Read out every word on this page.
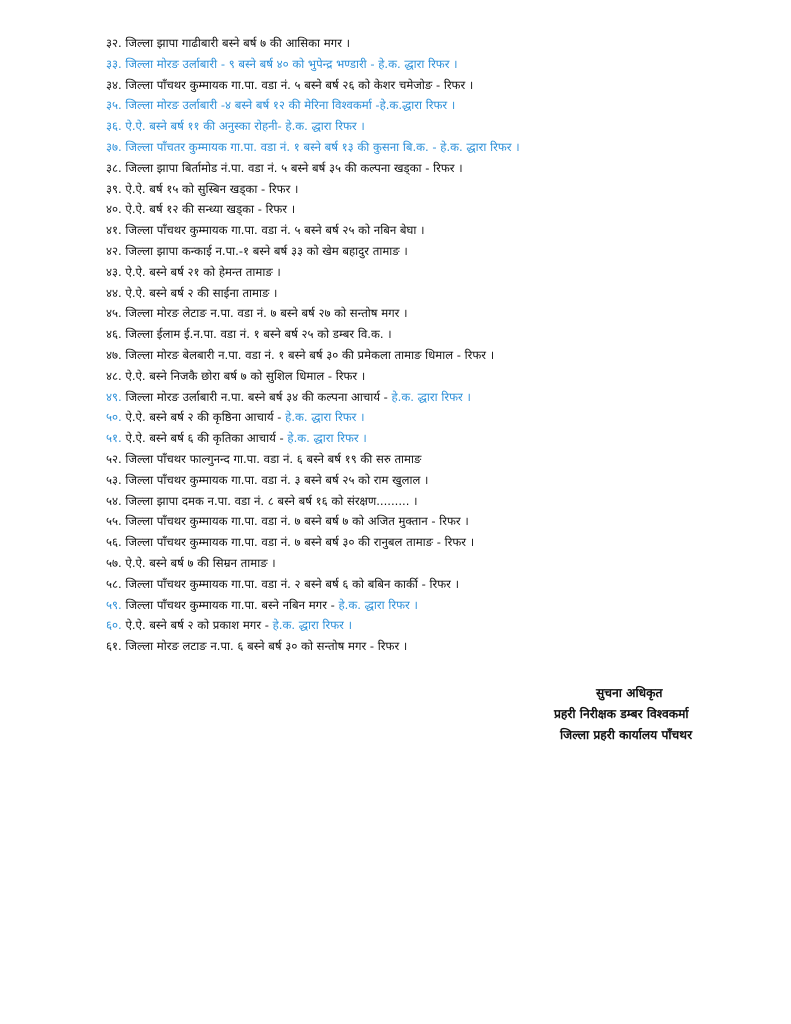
३२. जिल्ला झापा गाढीबारी बस्ने बर्ष ७ की आसिका मगर ।
३३. जिल्ला मोरङ उर्लाबारी - ९ बस्ने बर्ष ४० को भुपेन्द्र भण्डारी - हे.क. द्धारा रिफर ।
३४. जिल्ला पाँचथर कुम्मायक गा.पा. वडा नं. ५ बस्ने बर्ष २६ को केशर चमेजोङ - रिफर ।
३५. जिल्ला मोरङ उर्लाबारी -४ बस्ने बर्ष १२ की मेरिना विश्वकर्मा -हे.क.द्धारा रिफर ।
३६. ऐ.ऐ. बस्ने बर्ष ११ की अनुस्का रोहनी- हे.क. द्धारा रिफर ।
३७. जिल्ला पाँचतर कुम्मायक गा.पा. वडा नं. १ बस्ने बर्ष १३ की कुसना बि.क. - हे.क. द्धारा रिफर ।
३८. जिल्ला झापा बिर्तामोड नं.पा. वडा नं. ५ बस्ने बर्ष ३५ की कल्पना खड्का - रिफर ।
३९. ऐ.ऐ. बर्ष १५ को सुस्बिन खड्का - रिफर ।
४०. ऐ.ऐ. बर्ष १२ की सन्ध्या खड्का - रिफर ।
४१. जिल्ला पाँचथर कुम्मायक गा.पा. वडा नं. ५ बस्ने बर्ष २५ को नबिन बेघा ।
४२. जिल्ला झापा कन्काई न.पा.-१ बस्ने बर्ष ३३ को खेम बहादुर तामाङ ।
४३. ऐ.ऐ. बस्ने बर्ष २१ को हेमन्त तामाङ ।
४४. ऐ.ऐ. बस्ने बर्ष २ की साईना तामाङ ।
४५. जिल्ला मोरङ लेटाङ न.पा. वडा नं. ७ बस्ने बर्ष २७ को सन्तोष मगर ।
४६. जिल्ला ईलाम ई.न.पा. वडा नं. १ बस्ने बर्ष २५ को डम्बर वि.क. ।
४७. जिल्ला मोरङ बेलबारी न.पा. वडा नं. १ बस्ने बर्ष ३० की प्रमेकला तामाङ धिमाल - रिफर ।
४८. ऐ.ऐ. बस्ने निजकै छोरा बर्ष ७ को सुशिल धिमाल - रिफर ।
४९. जिल्ला मोरङ उर्लाबारी न.पा. बस्ने बर्ष ३४ की कल्पना आचार्य - हे.क. द्धारा रिफर ।
५०. ऐ.ऐ. बस्ने बर्ष २ की कृष्ठिना आचार्य - हे.क. द्धारा रिफर ।
५१. ऐ.ऐ. बस्ने बर्ष ६ की कृतिका आचार्य - हे.क. द्धारा रिफर ।
५२. जिल्ला पाँचथर फाल्गुनन्द गा.पा. वडा नं. ६ बस्ने बर्ष १९ की सरु तामाङ
५३. जिल्ला पाँचथर कुम्मायक गा.पा. वडा नं. ३ बस्ने बर्ष २५ को राम खुलाल ।
५४. जिल्ला झापा दमक न.पा. वडा नं. ८ बस्ने बर्ष १६ को संरक्षण......... ।
५५. जिल्ला पाँचथर कुम्मायक गा.पा. वडा नं. ७ बस्ने बर्ष ७ को अजित मुक्तान - रिफर ।
५६. जिल्ला पाँचथर कुम्मायक गा.पा. वडा नं. ७ बस्ने बर्ष ३० की रानुबल तामाङ - रिफर ।
५७. ऐ.ऐ. बस्ने बर्ष ७ की सिम्रन तामाङ ।
५८. जिल्ला पाँचथर कुम्मायक गा.पा. वडा नं. २ बस्ने बर्ष ६ को बबिन कार्की - रिफर ।
५९. जिल्ला पाँचथर कुम्मायक गा.पा. बस्ने नबिन मगर - हे.क. द्धारा रिफर ।
६०. ऐ.ऐ. बस्ने बर्ष २ को प्रकाश मगर - हे.क. द्धारा रिफर ।
६१. जिल्ला मोरङ लटाङ न.पा. ६ बस्ने बर्ष ३० को सन्तोष मगर - रिफर ।
सुचना अधिकृत
प्रहरी निरीक्षक डम्बर विश्वकर्मा
जिल्ला प्रहरी कार्यालय पाँचथर
